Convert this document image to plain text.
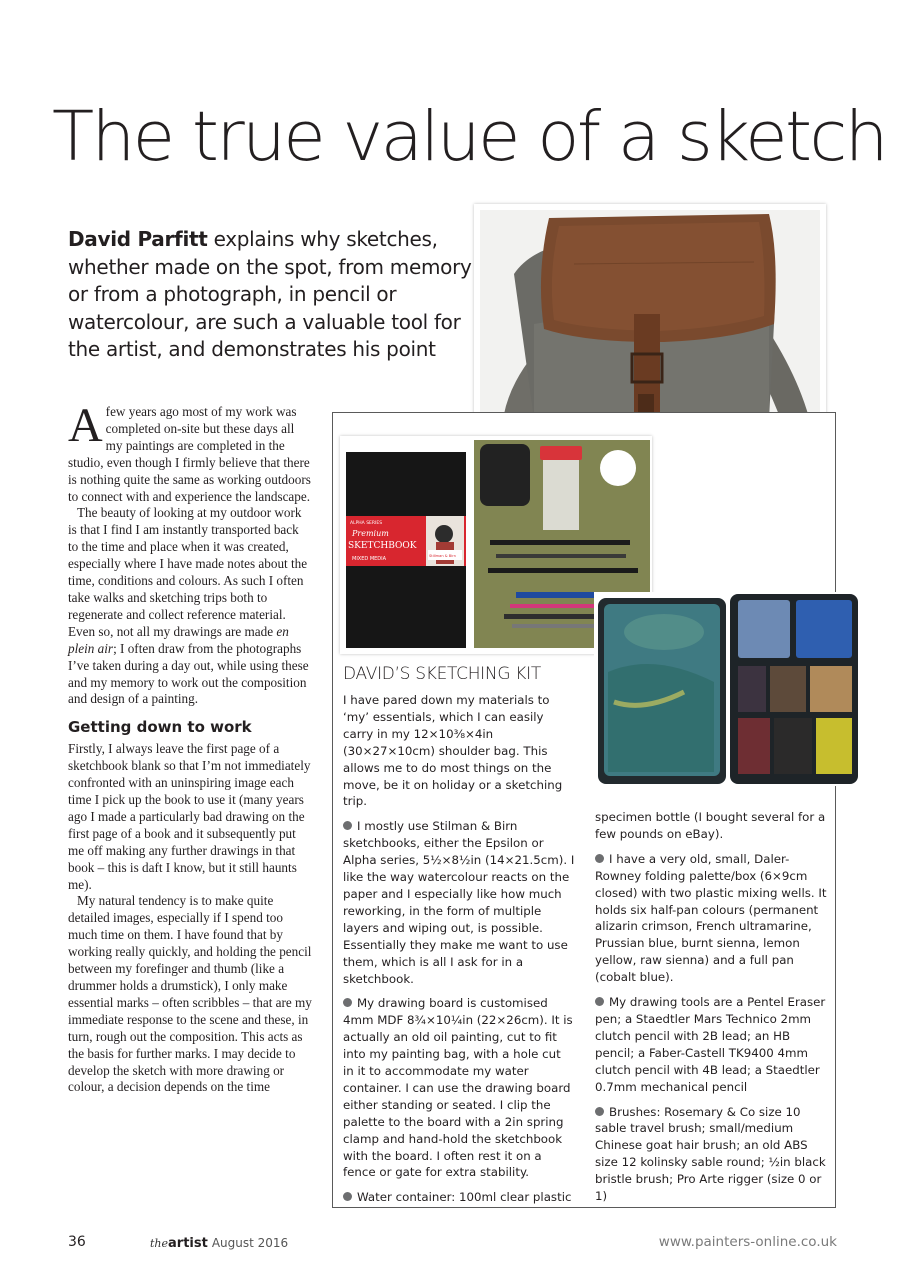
The true value of a sketch
David Parfitt explains why sketches, whether made on the spot, from memory or from a photograph, in pencil or watercolour, are such a valuable tool for the artist, and demonstrates his point

Afew years ago most of my work was completed on-site but these days all my paintings are completed in the studio, even though I firmly believe that there is nothing quite the same as working outdoors to connect with and experience the landscape.

The beauty of looking at my outdoor work is that I find I am instantly transported back to the time and place when it was created, especially where I have made notes about the time, conditions and colours. As such I often take walks and sketching trips both to regenerate and collect reference material. Even so, not all my drawings are made en plein air; I often draw from the photographs I’ve taken during a day out, while using these and my memory to work out the composition and design of a painting.

Getting down to work

Firstly, I always leave the first page of a sketchbook blank so that I’m not immediately confronted with an uninspiring image each time I pick up the book to use it (many years ago I made a particularly bad drawing on the first page of a book and it subsequently put me off making any further drawings in that book – this is daft I know, but it still haunts me).

My natural tendency is to make quite detailed images, especially if I spend too much time on them. I have found that by working really quickly, and holding the pencil between my forefinger and thumb (like a drummer holds a drumstick), I only make essential marks – often scribbles – that are my immediate response to the scene and these, in turn, rough out the composition. This acts as the basis for further marks. I may decide to develop the sketch with more drawing or colour, a decision depends on the time

ALPHA SERIES
Premium
SKETCHBOOK
MIXED MEDIA	Stillman & Birn
DAVID’S SKETCHING KIT

I have pared down my materials to ‘my’ essentials, which I can easily carry in my 12×10⅜×4in (30×27×10cm) shoulder bag. This allows me to do most things on the move, be it on holiday or a sketching trip.

I mostly use Stilman & Birn sketchbooks, either the Epsilon or Alpha series, 5½×8½in (14×21.5cm). I like the way watercolour reacts on the paper and I especially like how much reworking, in the form of multiple layers and wiping out, is possible. Essentially they make me want to use them, which is all I ask for in a sketchbook.

My drawing board is customised 4mm MDF 8¾×10¼in (22×26cm). It is actually an old oil painting, cut to fit into my painting bag, with a hole cut in it to accommodate my water container. I can use the drawing board either standing or seated. I clip the palette to the board with a 2in spring clamp and hand-hold the sketchbook with the board. I often rest it on a fence or gate for extra stability.

Water container: 100ml clear plastic

specimen bottle (I bought several for a few pounds on eBay).

I have a very old, small, Daler-Rowney folding palette/box (6×9cm closed) with two plastic mixing wells. It holds six half-pan colours (permanent alizarin crimson, French ultramarine, Prussian blue, burnt sienna, lemon yellow, raw sienna) and a full pan (cobalt blue).

My drawing tools are a Pentel Eraser pen; a Staedtler Mars Technico 2mm clutch pencil with 2B lead; an HB pencil; a Faber-Castell TK9400 4mm clutch pencil with 4B lead; a Staedtler 0.7mm mechanical pencil

Brushes: Rosemary & Co size 10 sable travel brush; small/medium Chinese goat hair brush; an old ABS size 12 kolinsky sable round; ½in black bristle brush; Pro Arte rigger (size 0 or 1)

36	theartist August 2016	www.painters-online.co.uk
